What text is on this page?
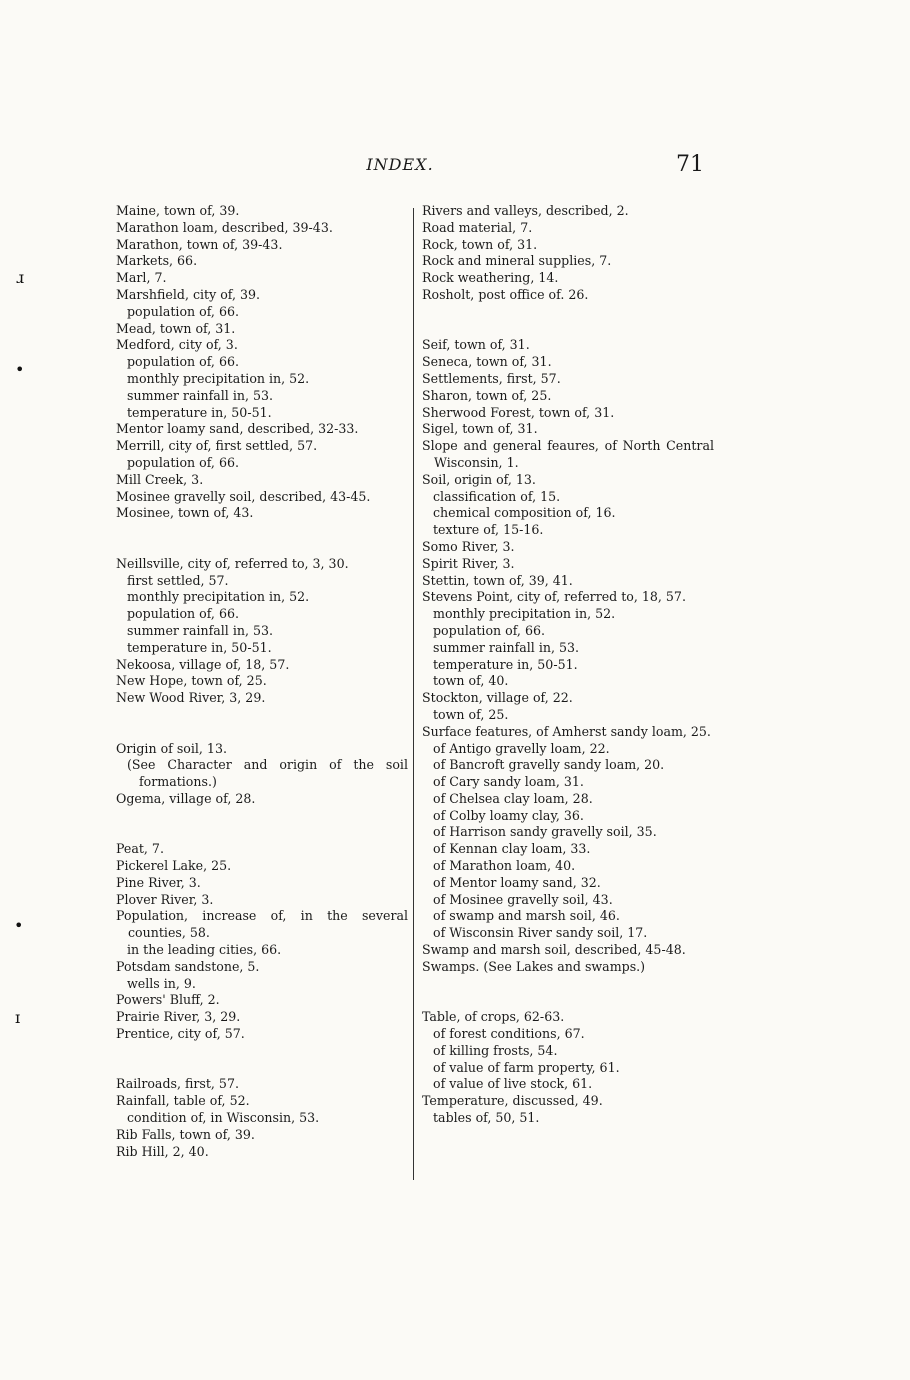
INDEX.	71
Maine, town of, 39.
Marathon loam, described, 39-43.
Marathon, town of, 39-43.
Markets, 66.
Marl, 7.
Marshfield, city of, 39.
population of, 66.
Mead, town of, 31.
Medford, city of, 3.
population of, 66.
monthly precipitation in, 52.
summer rainfall in, 53.
temperature in, 50-51.
Mentor loamy sand, described, 32-33.
Merrill, city of, first settled, 57.
population of, 66.
Mill Creek, 3.
Mosinee gravelly soil, described, 43-45.
Mosinee, town of, 43.
Neillsville, city of, referred to, 3, 30.
first settled, 57.
monthly precipitation in, 52.
population of, 66.
summer rainfall in, 53.
temperature in, 50-51.
Nekoosa, village of, 18, 57.
New Hope, town of, 25.
New Wood River, 3, 29.
Origin of soil, 13.
(See Character and origin of the soil formations.)
Ogema, village of, 28.
Peat, 7.
Pickerel Lake, 25.
Pine River, 3.
Plover River, 3.
Population, increase of, in the several counties, 58.
in the leading cities, 66.
Potsdam sandstone, 5.
wells in, 9.
Powers' Bluff, 2.
Prairie River, 3, 29.
Prentice, city of, 57.
Railroads, first, 57.
Rainfall, table of, 52.
condition of, in Wisconsin, 53.
Rib Falls, town of, 39.
Rib Hill, 2, 40.
Rivers and valleys, described, 2.
Road material, 7.
Rock, town of, 31.
Rock and mineral supplies, 7.
Rock weathering, 14.
Rosholt, post office of. 26.
Seif, town of, 31.
Seneca, town of, 31.
Settlements, first, 57.
Sharon, town of, 25.
Sherwood Forest, town of, 31.
Sigel, town of, 31.
Slope and general feaures, of North Central Wisconsin, 1.
Soil, origin of, 13.
classification of, 15.
chemical composition of, 16.
texture of, 15-16.
Somo River, 3.
Spirit River, 3.
Stettin, town of, 39, 41.
Stevens Point, city of, referred to, 18, 57.
monthly precipitation in, 52.
population of, 66.
summer rainfall in, 53.
temperature in, 50-51.
town of, 40.
Stockton, village of, 22.
town of, 25.
Surface features, of Amherst sandy loam, 25.
of Antigo gravelly loam, 22.
of Bancroft gravelly sandy loam, 20.
of Cary sandy loam, 31.
of Chelsea clay loam, 28.
of Colby loamy clay, 36.
of Harrison sandy gravelly soil, 35.
of Kennan clay loam, 33.
of Marathon loam, 40.
of Mentor loamy sand, 32.
of Mosinee gravelly soil, 43.
of swamp and marsh soil, 46.
of Wisconsin River sandy soil, 17.
Swamp and marsh soil, described, 45-48.
Swamps. (See Lakes and swamps.)
Table, of crops, 62-63.
of forest conditions, 67.
of killing frosts, 54.
of value of farm property, 61.
of value of live stock, 61.
Temperature, discussed, 49.
tables of, 50, 51.
ɹ
•
•
ɪ
